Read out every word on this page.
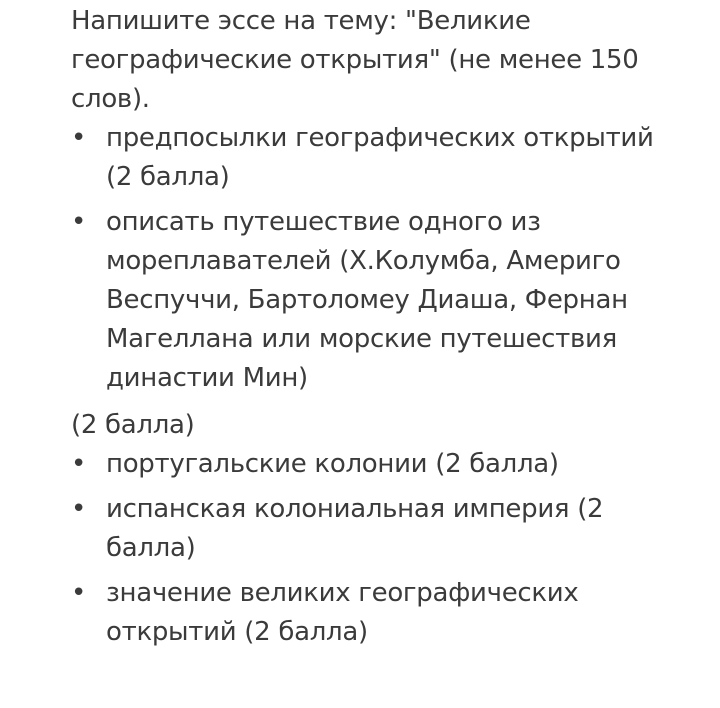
Напишите эссе на тему: "Великие географические открытия" (не менее 150 слов).

• предпосылки географических открытий (2 балла)
• описать путешествие одного из мореплавателей (Х.Колумба, Америго Веспуччи, Бартоломеу Диаша, Фернан Магеллана или морские путешествия династии Мин)

(2 балла)

• португальские колонии (2 балла)
• испанская колониальная империя (2 балла)
• значение великих географических открытий (2 балла)
